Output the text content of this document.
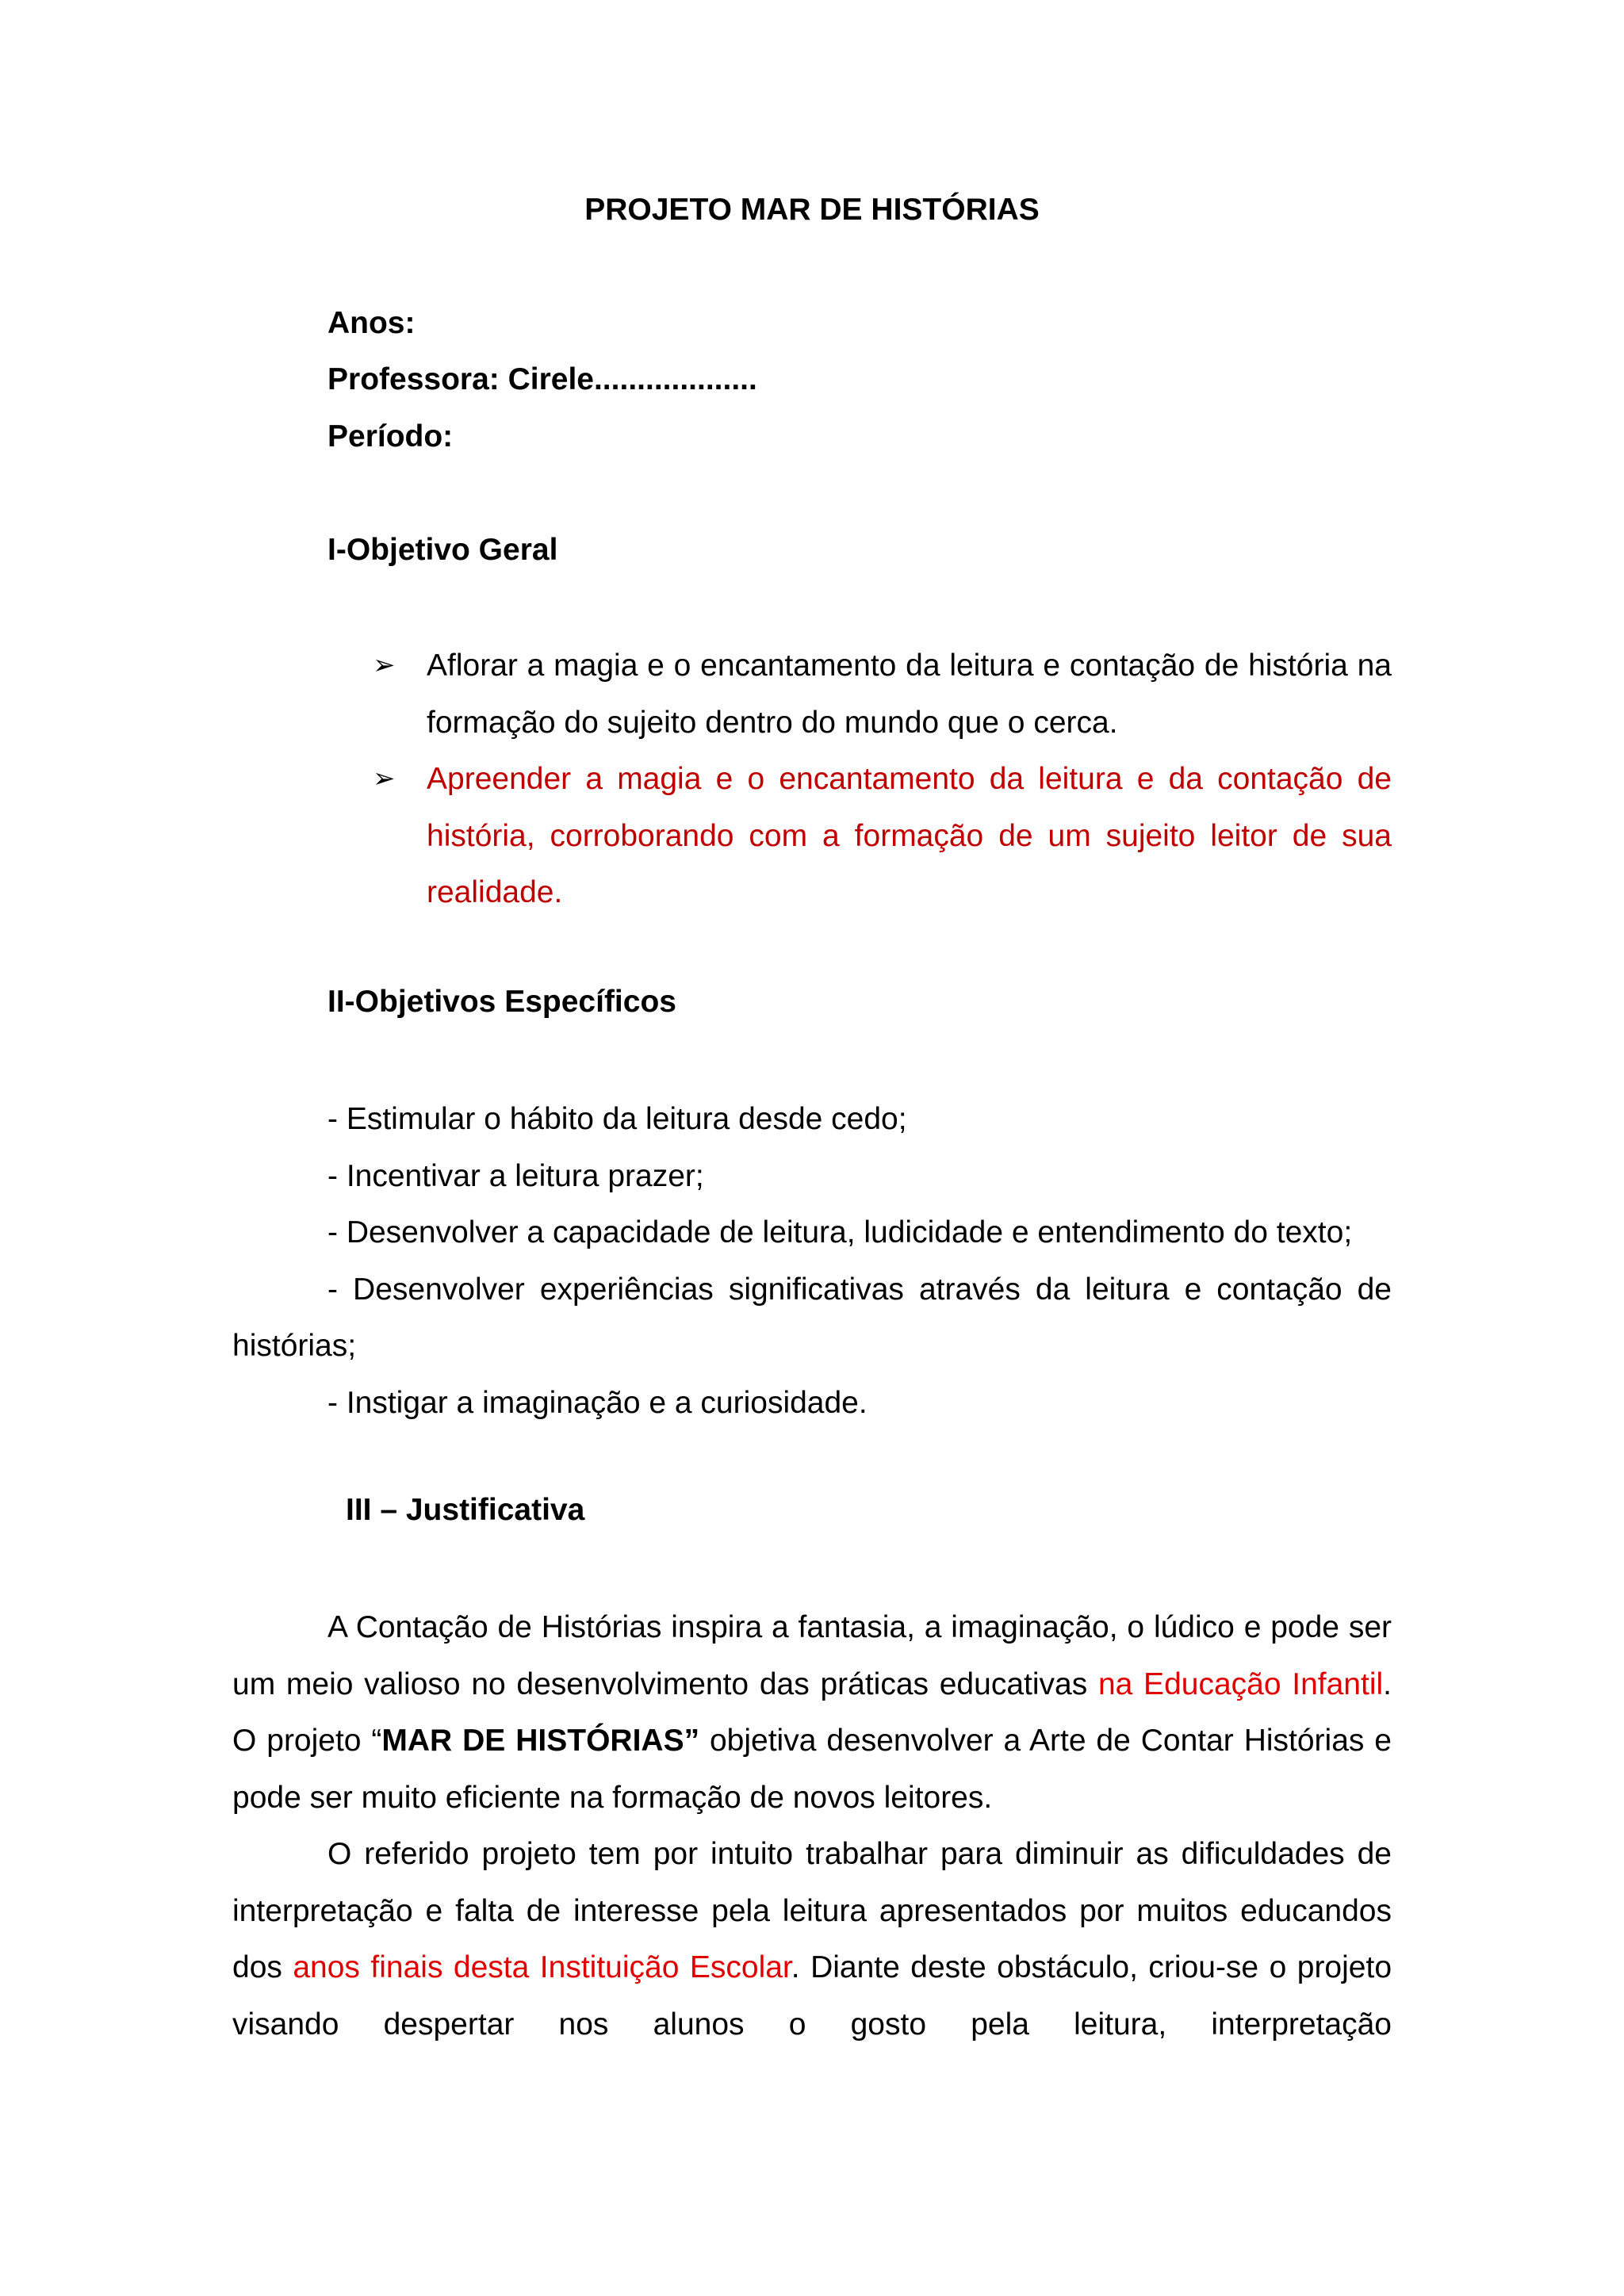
PROJETO MAR DE HISTÓRIAS
Anos:
Professora: Cirele...................
Período:
I-Objetivo Geral
➢ Aflorar a magia e o encantamento da leitura e contação de história na formação do sujeito dentro do mundo que o cerca.
➢ Apreender a magia e o encantamento da leitura e da contação de história, corroborando com a formação de um sujeito leitor de sua realidade.
II-Objetivos Específicos
- Estimular o hábito da leitura desde cedo;
- Incentivar a leitura prazer;
- Desenvolver a capacidade de leitura, ludicidade e entendimento do texto;
- Desenvolver experiências significativas através da leitura e contação de histórias;
- Instigar a imaginação e a curiosidade.
III – Justificativa

A Contação de Histórias inspira a fantasia, a imaginação, o lúdico e pode ser um meio valioso no desenvolvimento das práticas educativas na Educação Infantil. O projeto “MAR DE HISTÓRIAS” objetiva desenvolver a Arte de Contar Histórias e pode ser muito eficiente na formação de novos leitores.

O referido projeto tem por intuito trabalhar para diminuir as dificuldades de interpretação e falta de interesse pela leitura apresentados por muitos educandos dos anos finais desta Instituição Escolar. Diante deste obstáculo, criou-se o projeto visando despertar nos alunos o gosto pela leitura, interpretação
